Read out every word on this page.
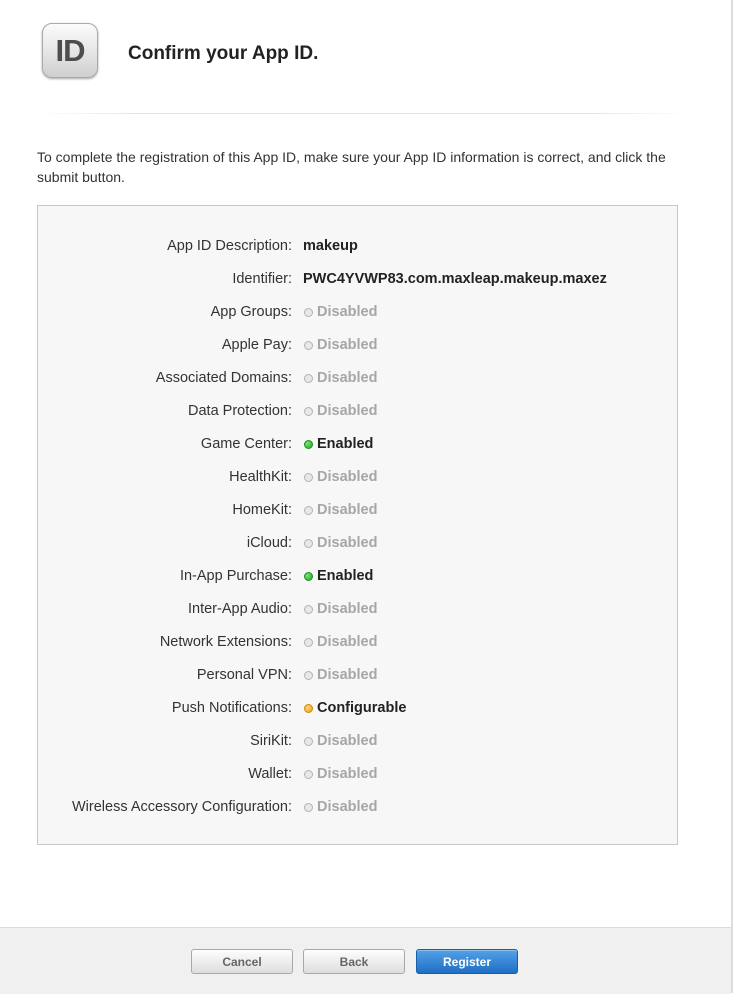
ID Confirm your App ID.

To complete the registration of this App ID, make sure your App ID information is correct, and click the submit button.

App ID Description: makeup
Identifier: PWC4YVWP83.com.maxleap.makeup.maxez
App Groups: Disabled
Apple Pay: Disabled
Associated Domains: Disabled
Data Protection: Disabled
Game Center: Enabled
HealthKit: Disabled
HomeKit: Disabled
iCloud: Disabled
In-App Purchase: Enabled
Inter-App Audio: Disabled
Network Extensions: Disabled
Personal VPN: Disabled
Push Notifications: Configurable
SiriKit: Disabled
Wallet: Disabled
Wireless Accessory Configuration: Disabled
Cancel	Back	Register
